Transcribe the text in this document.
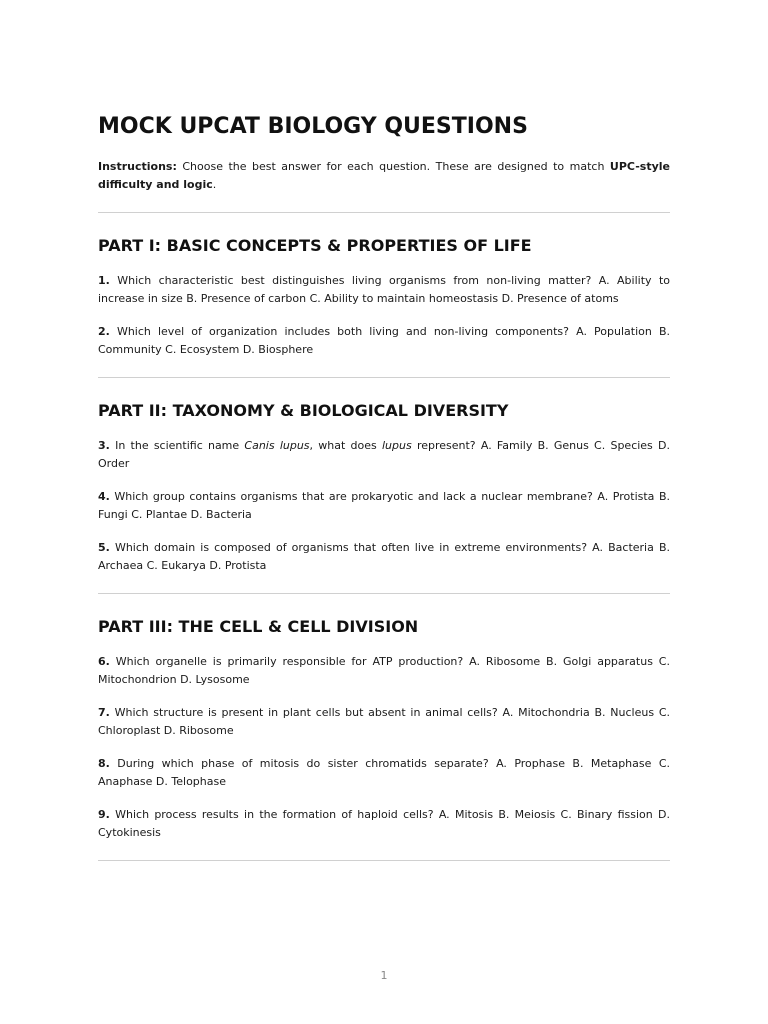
MOCK UPCAT BIOLOGY QUESTIONS

Instructions: Choose the best answer for each question. These are designed to match UPC-style difficulty and logic.

PART I: BASIC CONCEPTS & PROPERTIES OF LIFE

1. Which characteristic best distinguishes living organisms from non-living matter? A. Ability to increase in size B. Presence of carbon C. Ability to maintain homeostasis D. Presence of atoms

2. Which level of organization includes both living and non-living components? A. Population B. Community C. Ecosystem D. Biosphere

PART II: TAXONOMY & BIOLOGICAL DIVERSITY

3. In the scientific name Canis lupus, what does lupus represent? A. Family B. Genus C. Species D. Order

4. Which group contains organisms that are prokaryotic and lack a nuclear membrane? A. Protista B. Fungi C. Plantae D. Bacteria

5. Which domain is composed of organisms that often live in extreme environments? A. Bacteria B. Archaea C. Eukarya D. Protista

PART III: THE CELL & CELL DIVISION

6. Which organelle is primarily responsible for ATP production? A. Ribosome B. Golgi apparatus C. Mitochondrion D. Lysosome

7. Which structure is present in plant cells but absent in animal cells? A. Mitochondria B. Nucleus C. Chloroplast D. Ribosome

8. During which phase of mitosis do sister chromatids separate? A. Prophase B. Metaphase C. Anaphase D. Telophase

9. Which process results in the formation of haploid cells? A. Mitosis B. Meiosis C. Binary fission D. Cytokinesis

1
